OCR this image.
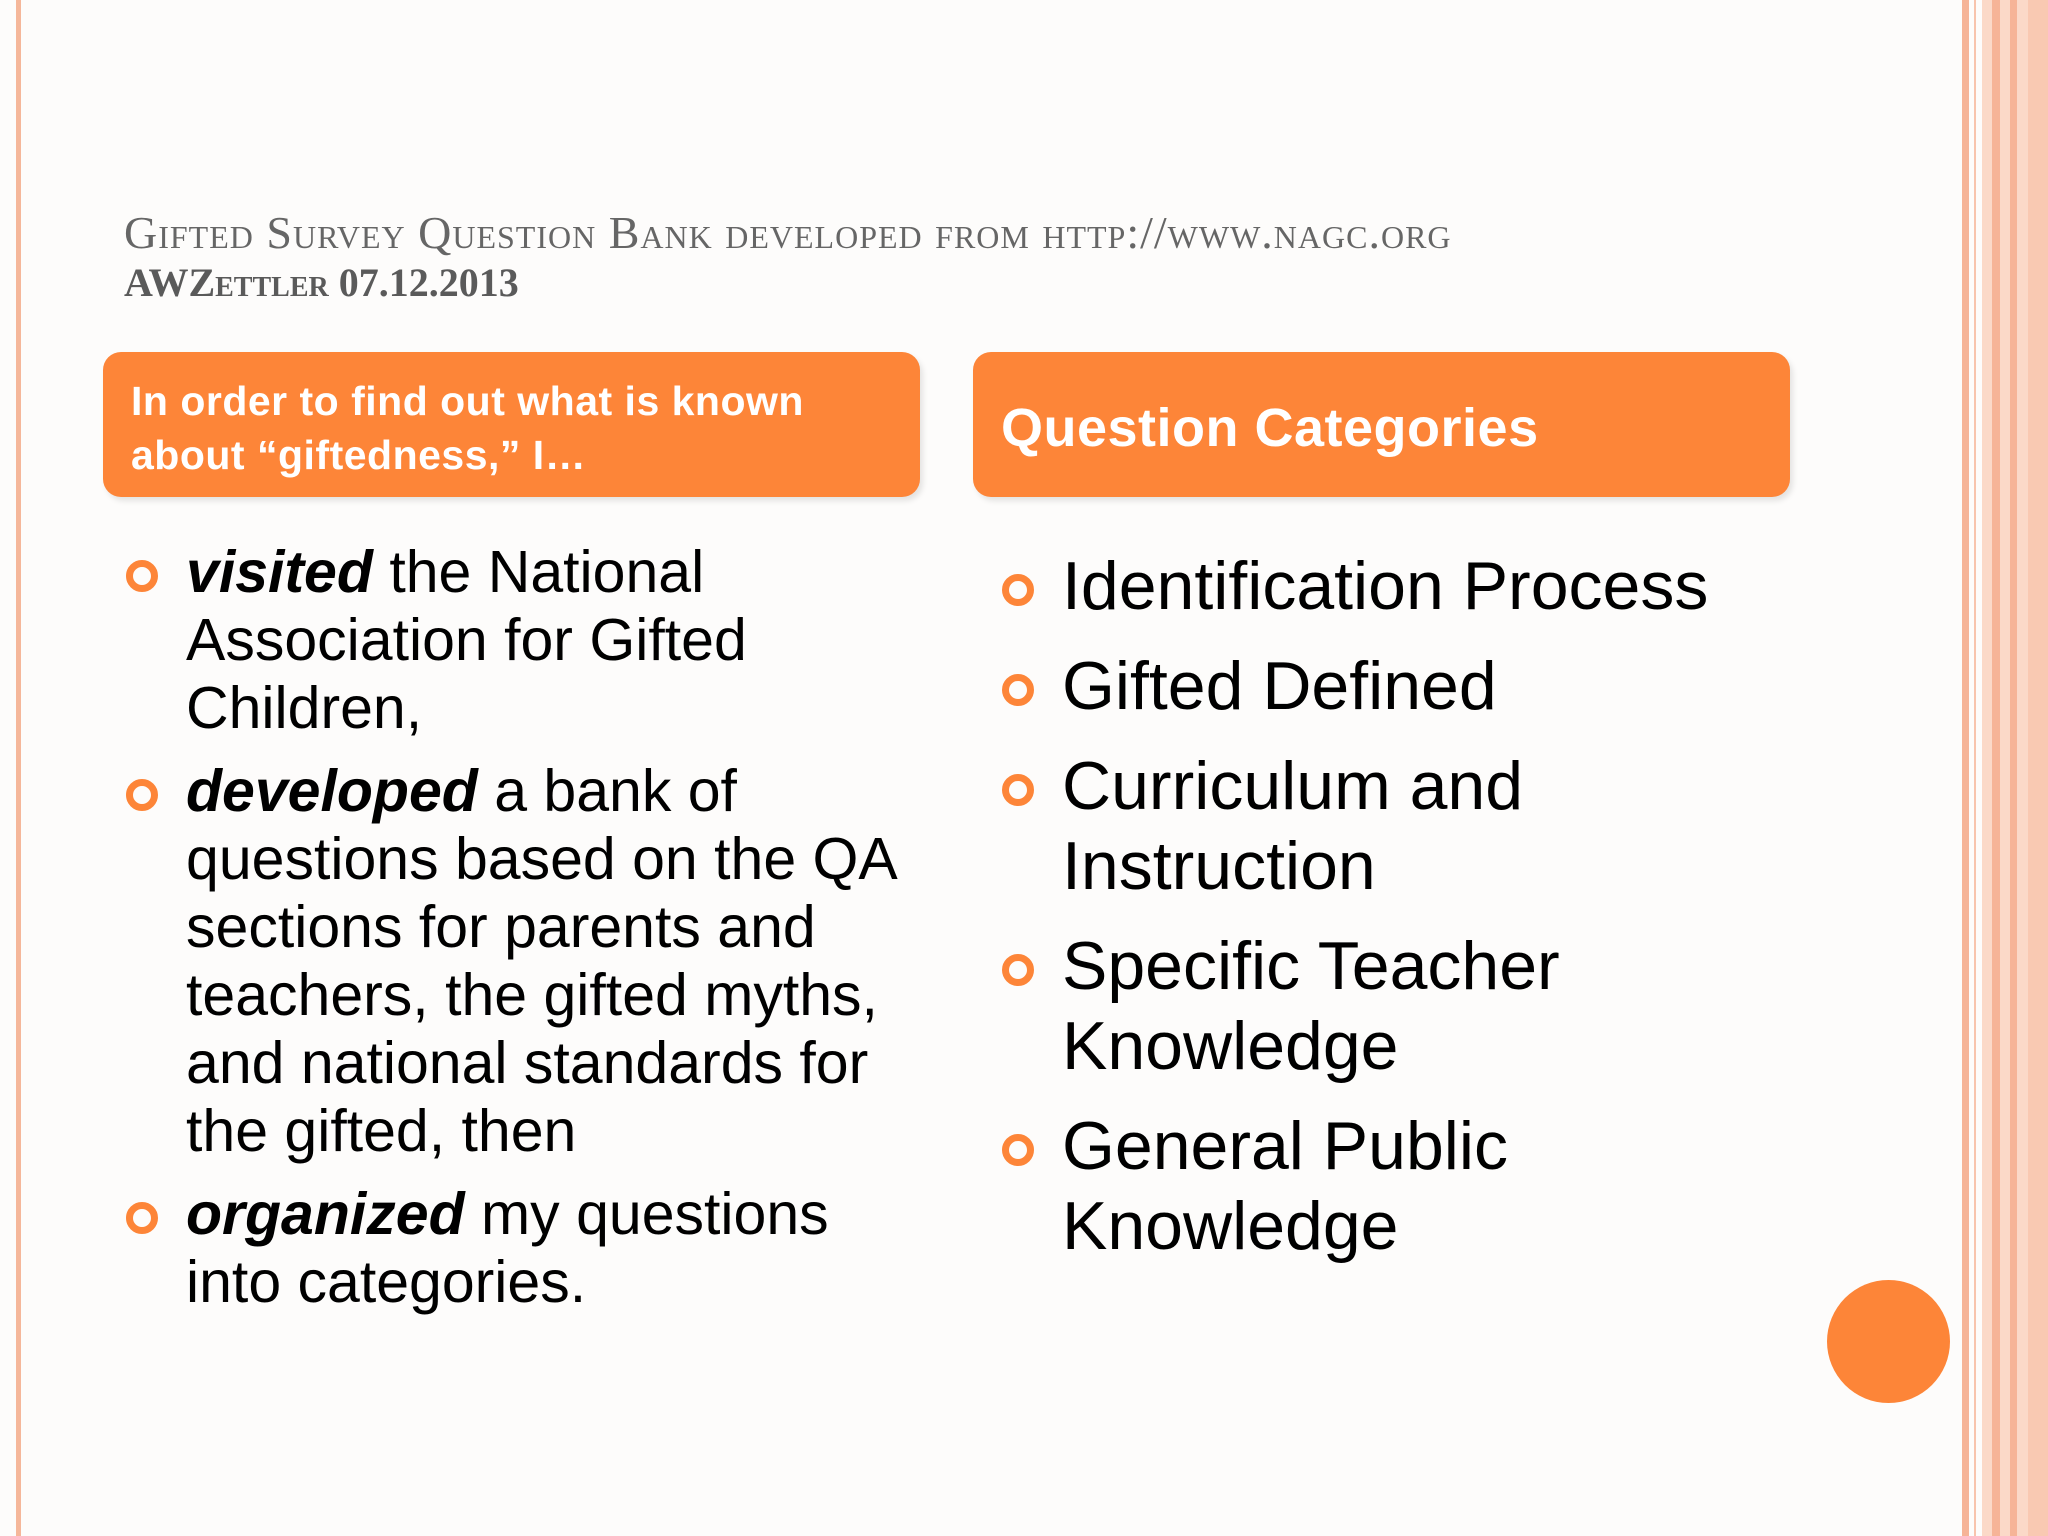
Gifted Survey Question Bank developed from http://www.nagc.org
AWZettler 07.12.2013
In order to find out what is known about “giftedness,” I…	Question Categories
visited the National Association for Gifted Children,
developed a bank of questions based on the QA sections for parents and teachers, the gifted myths, and national standards for the gifted, then
organized my questions into categories.
Identification Process
Gifted Defined
Curriculum and Instruction
Specific Teacher Knowledge
General Public Knowledge
